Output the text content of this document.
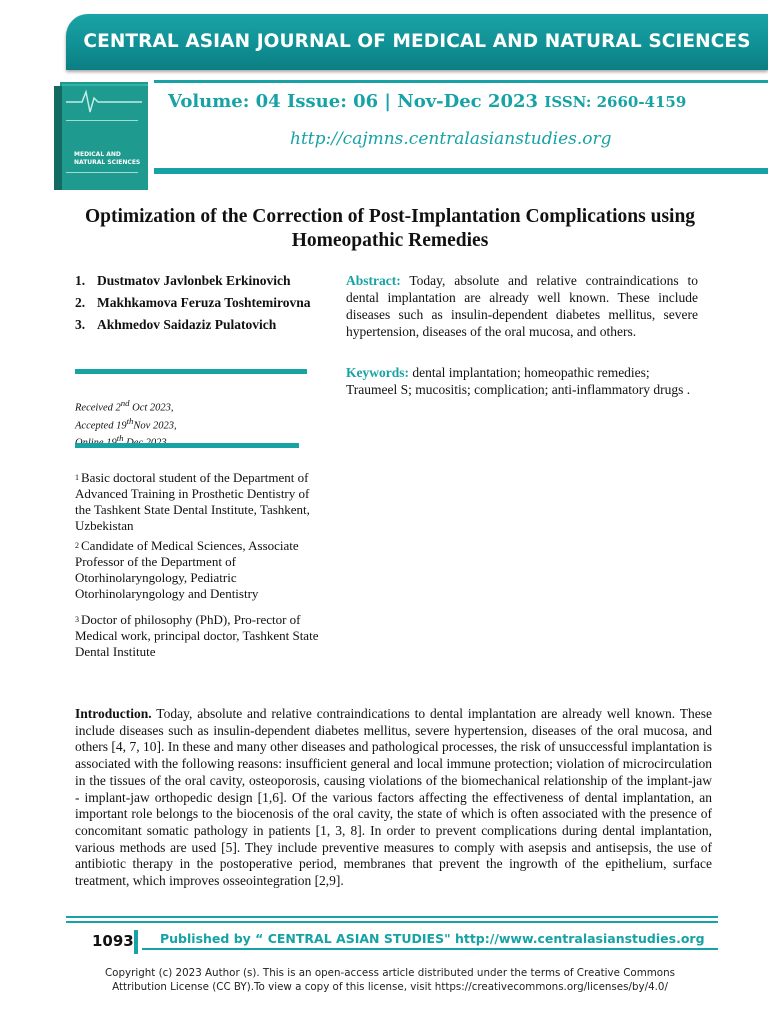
CENTRAL ASIAN JOURNAL OF MEDICAL AND NATURAL SCIENCES
MEDICAL AND
NATURAL SCIENCES
Volume: 04 Issue: 06 | Nov-Dec 2023 ISSN: 2660-4159
http://cajmns.centralasianstudies.org
Optimization of the Correction of Post-Implantation Complications using Homeopathic Remedies
1. Dustmatov Javlonbek Erkinovich
2. Makhkamova Feruza Toshtemirovna
3. Akhmedov Saidaziz Pulatovich
Abstract: Today, absolute and relative contraindications to dental implantation are already well known. These include diseases such as insulin-dependent diabetes mellitus, severe hypertension, diseases of the oral mucosa, and others.
Keywords: dental implantation; homeopathic remedies; Traumeel S; mucositis; complication; anti-inflammatory drugs .
Received 2nd Oct 2023,
Accepted 19thNov 2023,
$^{th}$
$^1$ Basic doctoral student of the Department of Advanced Training in Prosthetic Dentistry of the Tashkent State Dental Institute, Tashkent, Uzbekistan
$^2$ Candidate of Medical Sciences, Associate Professor of the Department of Otorhinolaryngology, Pediatric Otorhinolaryngology and Dentistry
$^3$ Doctor of philosophy (PhD), Pro-rector of Medical work, principal doctor, Tashkent State Dental Institute
Introduction. Today, absolute and relative contraindications to dental implantation are already well known. These include diseases such as insulin-dependent diabetes mellitus, severe hypertension, diseases of the oral mucosa, and others [4, 7, 10]. In these and many other diseases and pathological processes, the risk of unsuccessful implantation is associated with the following reasons: insufficient general and local immune protection; violation of microcirculation in the tissues of the oral cavity, osteoporosis, causing violations of the biomechanical relationship of the implant-jaw - implant-jaw orthopedic design [1,6]. Of the various factors affecting the effectiveness of dental implantation, an important role belongs to the biocenosis of the oral cavity, the state of which is often associated with the presence of concomitant somatic pathology in patients [1, 3, 8]. In order to prevent complications during dental implantation, various methods are used [5]. They include preventive measures to comply with asepsis and antisepsis, the use of antibiotic therapy in the postoperative period, membranes that prevent the ingrowth of the epithelium, surface treatment, which improves osseointegration [2,9].
1093 Published by “ CENTRAL ASIAN STUDIES" http://www.centralasianstudies.org
Copyright (c) 2023 Author (s). This is an open-access article distributed under the terms of Creative Commons
Attribution License (CC BY).To view a copy of this license, visit https://creativecommons.org/licenses/by/4.0/
